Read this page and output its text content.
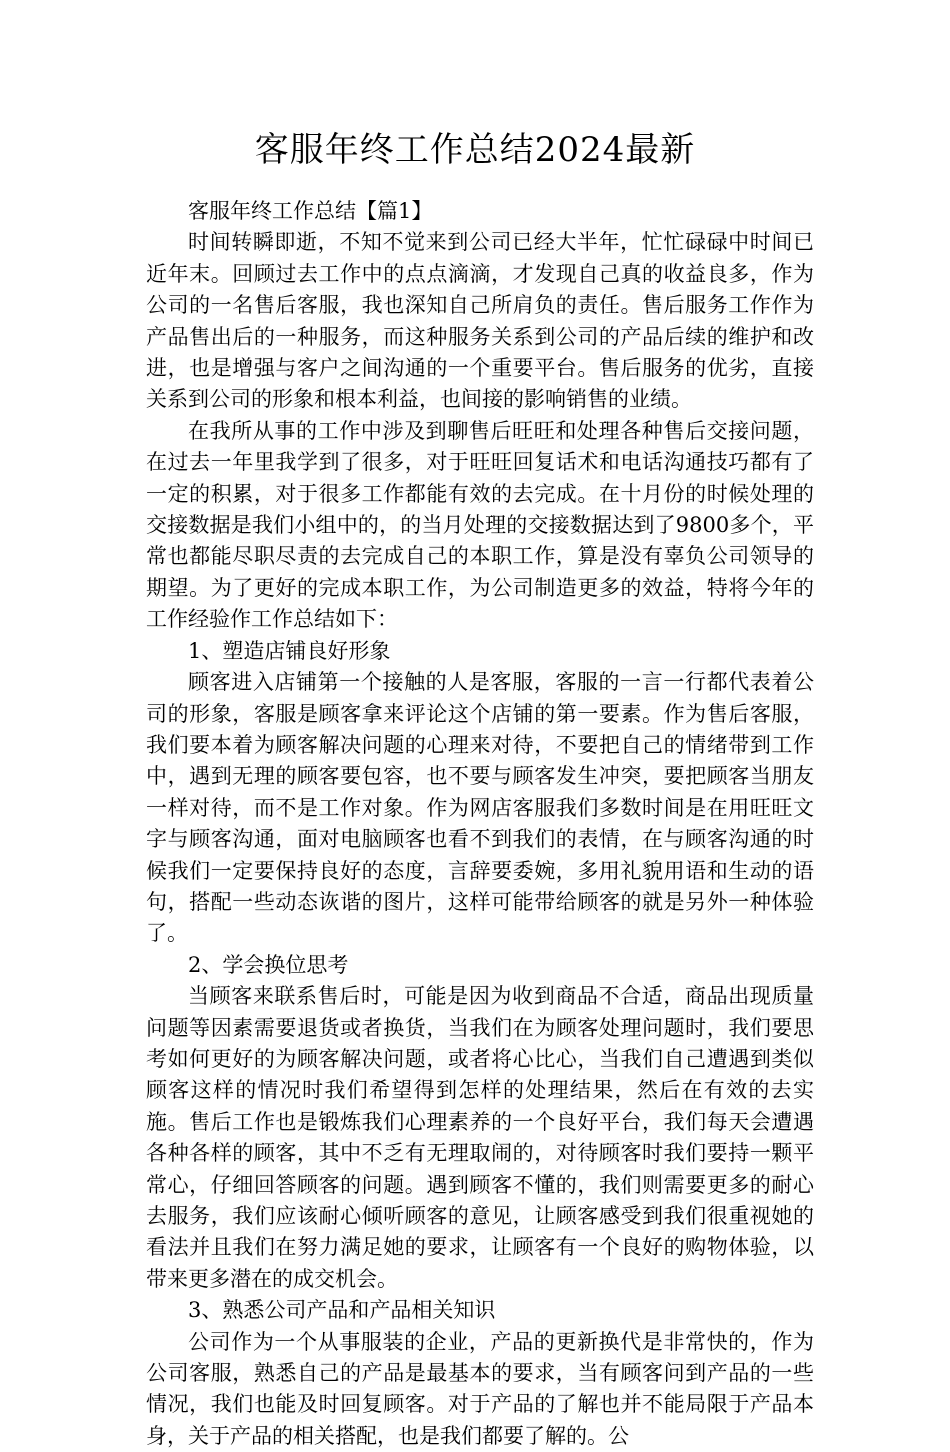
客服年终工作总结2024最新

客服年终工作总结【篇1】

时间转瞬即逝，不知不觉来到公司已经大半年，忙忙碌碌中时间已近年末。回顾过去工作中的点点滴滴，才发现自己真的收益良多，作为公司的一名售后客服，我也深知自己所肩负的责任。售后服务工作作为产品售出后的一种服务，而这种服务关系到公司的产品后续的维护和改进，也是增强与客户之间沟通的一个重要平台。售后服务的优劣，直接关系到公司的形象和根本利益，也间接的影响销售的业绩。

在我所从事的工作中涉及到聊售后旺旺和处理各种售后交接问题，在过去一年里我学到了很多，对于旺旺回复话术和电话沟通技巧都有了一定的积累，对于很多工作都能有效的去完成。在十月份的时候处理的交接数据是我们小组中的，的当月处理的交接数据达到了9800多个，平常也都能尽职尽责的去完成自己的本职工作，算是没有辜负公司领导的期望。为了更好的完成本职工作，为公司制造更多的效益，特将今年的工作经验作工作总结如下：

1、塑造店铺良好形象

顾客进入店铺第一个接触的人是客服，客服的一言一行都代表着公司的形象，客服是顾客拿来评论这个店铺的第一要素。作为售后客服，我们要本着为顾客解决问题的心理来对待，不要把自己的情绪带到工作中，遇到无理的顾客要包容，也不要与顾客发生冲突，要把顾客当朋友一样对待，而不是工作对象。作为网店客服我们多数时间是在用旺旺文字与顾客沟通，面对电脑顾客也看不到我们的表情，在与顾客沟通的时候我们一定要保持良好的态度，言辞要委婉，多用礼貌用语和生动的语句，搭配一些动态诙谐的图片，这样可能带给顾客的就是另外一种体验了。

2、学会换位思考

当顾客来联系售后时，可能是因为收到商品不合适，商品出现质量问题等因素需要退货或者换货，当我们在为顾客处理问题时，我们要思考如何更好的为顾客解决问题，或者将心比心，当我们自己遭遇到类似顾客这样的情况时我们希望得到怎样的处理结果，然后在有效的去实施。售后工作也是锻炼我们心理素养的一个良好平台，我们每天会遭遇各种各样的顾客，其中不乏有无理取闹的，对待顾客时我们要持一颗平常心，仔细回答顾客的问题。遇到顾客不懂的，我们则需要更多的耐心去服务，我们应该耐心倾听顾客的意见，让顾客感受到我们很重视她的看法并且我们在努力满足她的要求，让顾客有一个良好的购物体验，以带来更多潜在的成交机会。

3、熟悉公司产品和产品相关知识

公司作为一个从事服装的企业，产品的更新换代是非常快的，作为公司客服，熟悉自己的产品是最基本的要求，当有顾客问到产品的一些情况，我们也能及时回复顾客。对于产品的了解也并不能局限于产品本身，关于产品的相关搭配，也是我们都要了解的。公
